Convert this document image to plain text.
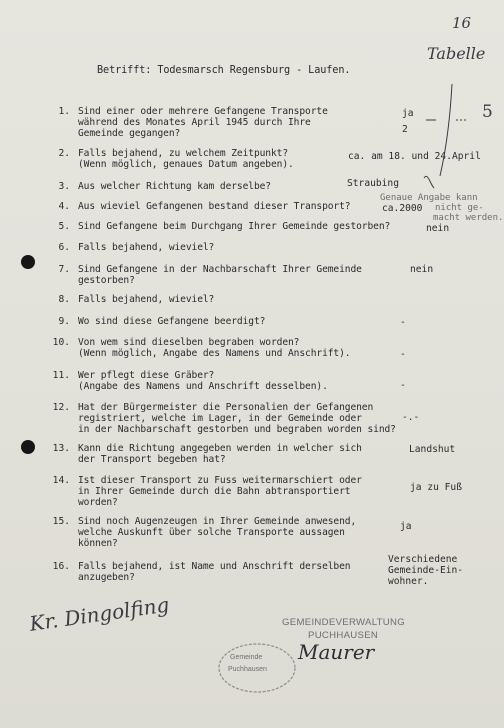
16
Tabelle
Betrifft: Todesmarsch Regensburg - Laufen.
1. Sind einer oder mehrere Gefangene Transporte
während des Monates April 1945 durch Ihre
Gemeinde gegangen?
2. Falls bejahend, zu welchem Zeitpunkt?
(Wenn möglich, genaues Datum angeben).
3. Aus welcher Richtung kam derselbe?
4. Aus wieviel Gefangenen bestand dieser Transport?
5. Sind Gefangene beim Durchgang Ihrer Gemeinde gestorben?
6. Falls bejahend, wieviel?
7. Sind Gefangene in der Nachbarschaft Ihrer Gemeinde
gestorben?
8. Falls bejahend, wieviel?
9. Wo sind diese Gefangene beerdigt?
10. Von wem sind dieselben begraben worden?
(Wenn möglich, Angabe des Namens und Anschrift).
11. Wer pflegt diese Gräber?
(Angabe des Namens und Anschrift desselben).
12. Hat der Bürgermeister die Personalien der Gefangenen
registriert, welche im Lager, in der Gemeinde oder
in der Nachbarschaft gestorben und begraben worden sind?
13. Kann die Richtung angegeben werden in welcher sich
der Transport begeben hat?
14. Ist dieser Transport zu Fuss weitermarschiert oder
in Ihrer Gemeinde durch die Bahn abtransportiert
worden?
15. Sind noch Augenzeugen in Ihrer Gemeinde anwesend,
welche Auskunft über solche Transporte aussagen
können?
16. Falls bejahend, ist Name und Anschrift derselben
anzugeben?
ja
2
5
ca. am 18. und 24.April
Straubing
Genaue Angabe kann
ca.2000 nicht ge-
macht werden.
nein
nein
-
-
-
-.-
Landshut
ja zu Fuß
ja
Verschiedene
Gemeinde-Ein-
wohner.
Kr. Dingolfing	GEMEINDEVERWALTUNG
PUCHHAUSEN
Maurer
Gemeinde
Puchhausen
